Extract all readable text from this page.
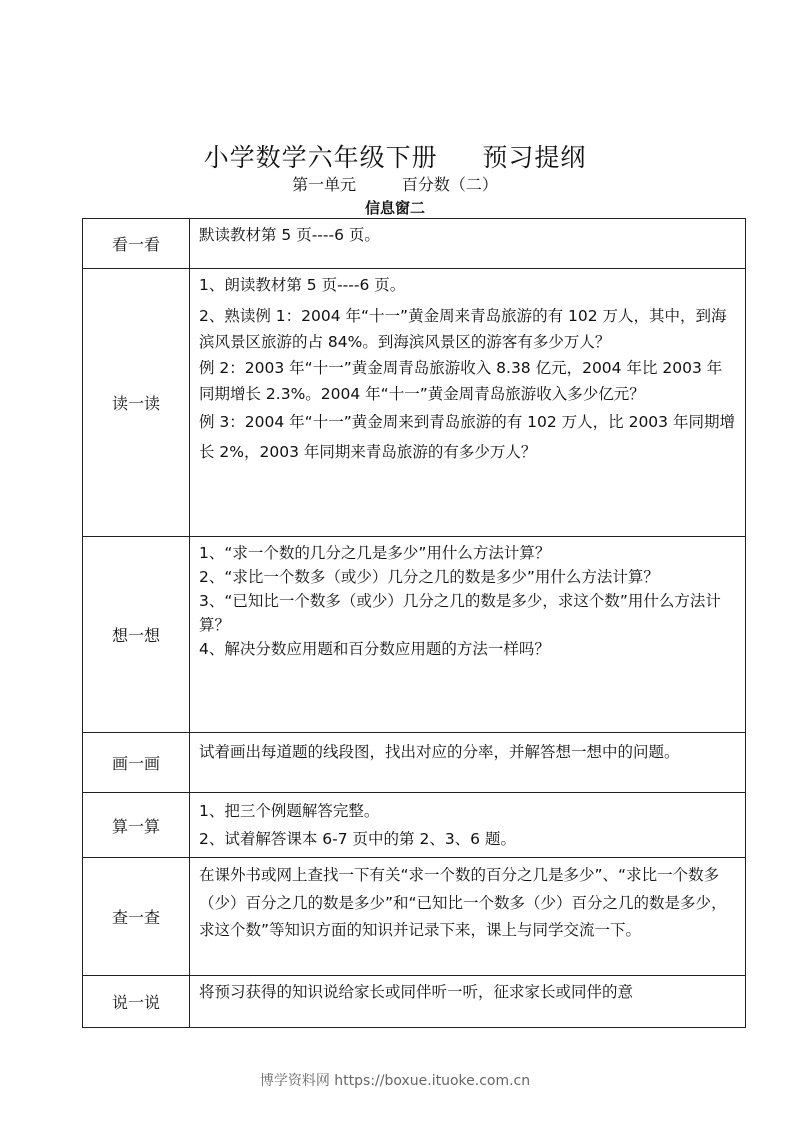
小学数学六年级下册     预习提纲
第一单元         百分数（二）
信息窗二
看一看	默读教材第 5 页----6 页。

读一读	1、朗读教材第 5 页----6 页。

2、熟读例 1：2004 年“十一”黄金周来青岛旅游的有 102 万人，其中，到海滨风景区旅游的占 84%。到海滨风景区的游客有多少万人？

例 2：2003 年“十一”黄金周青岛旅游收入 8.38 亿元，2004 年比 2003 年同期增长 2.3%。2004 年“十一”黄金周青岛旅游收入多少亿元？

例 3：2004 年“十一”黄金周来到青岛旅游的有 102 万人，比 2003 年同期增长 2%，2003 年同期来青岛旅游的有多少万人？

想一想	1、“求一个数的几分之几是多少”用什么方法计算？

2、“求比一个数多（或少）几分之几的数是多少”用什么方法计算？

3、“已知比一个数多（或少）几分之几的数是多少，求这个数”用什么方法计算？

4、解决分数应用题和百分数应用题的方法一样吗？

画一画	试着画出每道题的线段图，找出对应的分率，并解答想一想中的问题。

算一算	1、把三个例题解答完整。

2、试着解答课本 6-7 页中的第 2、3、6 题。

查一查	在课外书或网上查找一下有关“求一个数的百分之几是多少”、“求比一个数多（少）百分之几的数是多少”和“已知比一个数多（少）百分之几的数是多少，求这个数”等知识方面的知识并记录下来，课上与同学交流一下。

说一说	将预习获得的知识说给家长或同伴听一听，征求家长或同伴的意

博学资料网 https://boxue.ituoke.com.cn
